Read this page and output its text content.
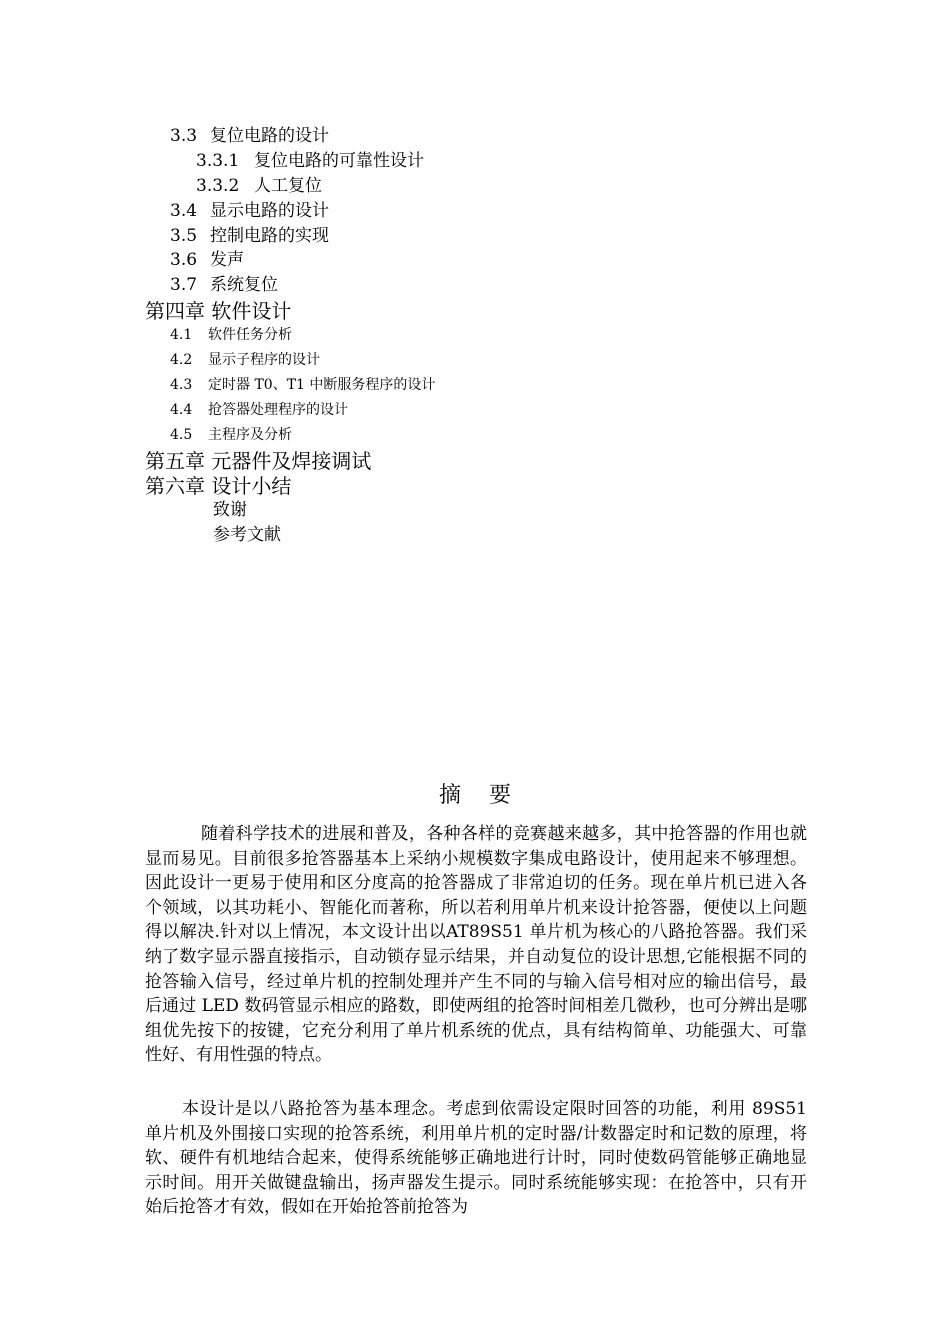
3.3 复位电路的设计
3.3.1 复位电路的可靠性设计
3.3.2 人工复位
3.4 显示电路的设计
3.5 控制电路的实现
3.6 发声
3.7 系统复位
第四章 软件设计
4.1 软件任务分析
4.2 显示子程序的设计
4.3 定时器 T0、T1 中断服务程序的设计
4.4 抢答器处理程序的设计
4.5 主程序及分析
第五章 元器件及焊接调试
第六章 设计小结
致谢
参考文献
摘    要
随着科学技术的进展和普及，各种各样的竞赛越来越多，其中抢答器的作用也就显而易见。目前很多抢答器基本上采纳小规模数字集成电路设计，使用起来不够理想。因此设计一更易于使用和区分度高的抢答器成了非常迫切的任务。现在单片机已进入各个领域，以其功耗小、智能化而著称，所以若利用单片机来设计抢答器，便使以上问题得以解决.针对以上情况，本文设计出以AT89S51 单片机为核心的八路抢答器。我们采纳了数字显示器直接指示，自动锁存显示结果，并自动复位的设计思想,它能根据不同的抢答输入信号，经过单片机的控制处理并产生不同的与输入信号相对应的输出信号，最后通过 LED 数码管显示相应的路数，即使两组的抢答时间相差几微秒，也可分辨出是哪组优先按下的按键，它充分利用了单片机系统的优点，具有结构简单、功能强大、可靠性好、有用性强的特点。
本设计是以八路抢答为基本理念。考虑到依需设定限时回答的功能，利用 89S51 单片机及外围接口实现的抢答系统，利用单片机的定时器/计数器定时和记数的原理，将软、硬件有机地结合起来，使得系统能够正确地进行计时，同时使数码管能够正确地显示时间。用开关做键盘输出，扬声器发生提示。同时系统能够实现：在抢答中，只有开始后抢答才有效，假如在开始抢答前抢答为
